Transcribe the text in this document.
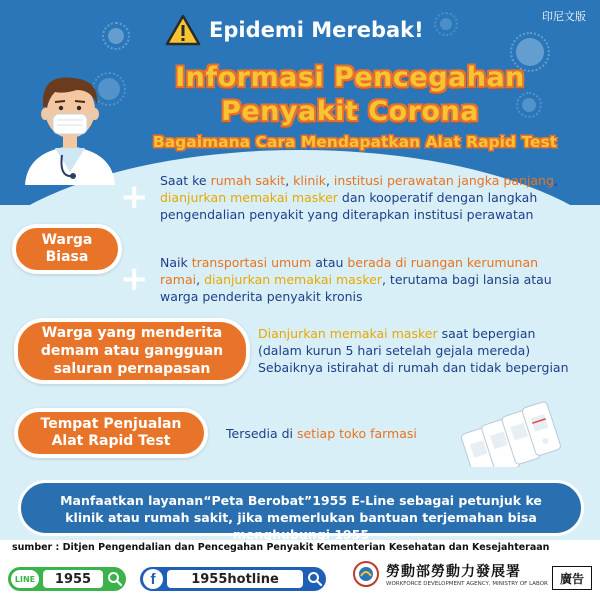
印尼文版
Epidemi Merebak!
Informasi Pencegahan
Penyakit Corona
Bagaimana Cara Mendapatkan Alat Rapid Test
+ Saat ke rumah sakit, klinik, institusi perawatan jangka panjang, dianjurkan memakai masker dan kooperatif dengan langkah pengendalian penyakit yang diterapkan institusi perawatan
Warga
Biasa
+ Naik transportasi umum atau berada di ruangan kerumunan ramai, dianjurkan memakai masker, terutama bagi lansia atau warga penderita penyakit kronis
Warga yang menderita
demam atau gangguan
saluran pernapasan
Dianjurkan memakai masker saat bepergian
(dalam kurun 5 hari setelah gejala mereda)
Sebaiknya istirahat di rumah dan tidak bepergian
Tempat Penjualan
Alat Rapid Test	Tersedia di setiap toko farmasi
Manfaatkan layanan“Peta Berobat”1955 E-Line sebagai petunjuk ke klinik atau rumah sakit, jika memerlukan bantuan terjemahan bisa menghubungi 1955
sumber : Ditjen Pengendalian dan Pencegahan Penyakit Kementerian Kesehatan dan Kesejahteraan
LINE	1955	f	1955hotline	勞動部勞動力發展署
WORKFORCE DEVELOPMENT AGENCY, MINISTRY OF LABOR	廣告
